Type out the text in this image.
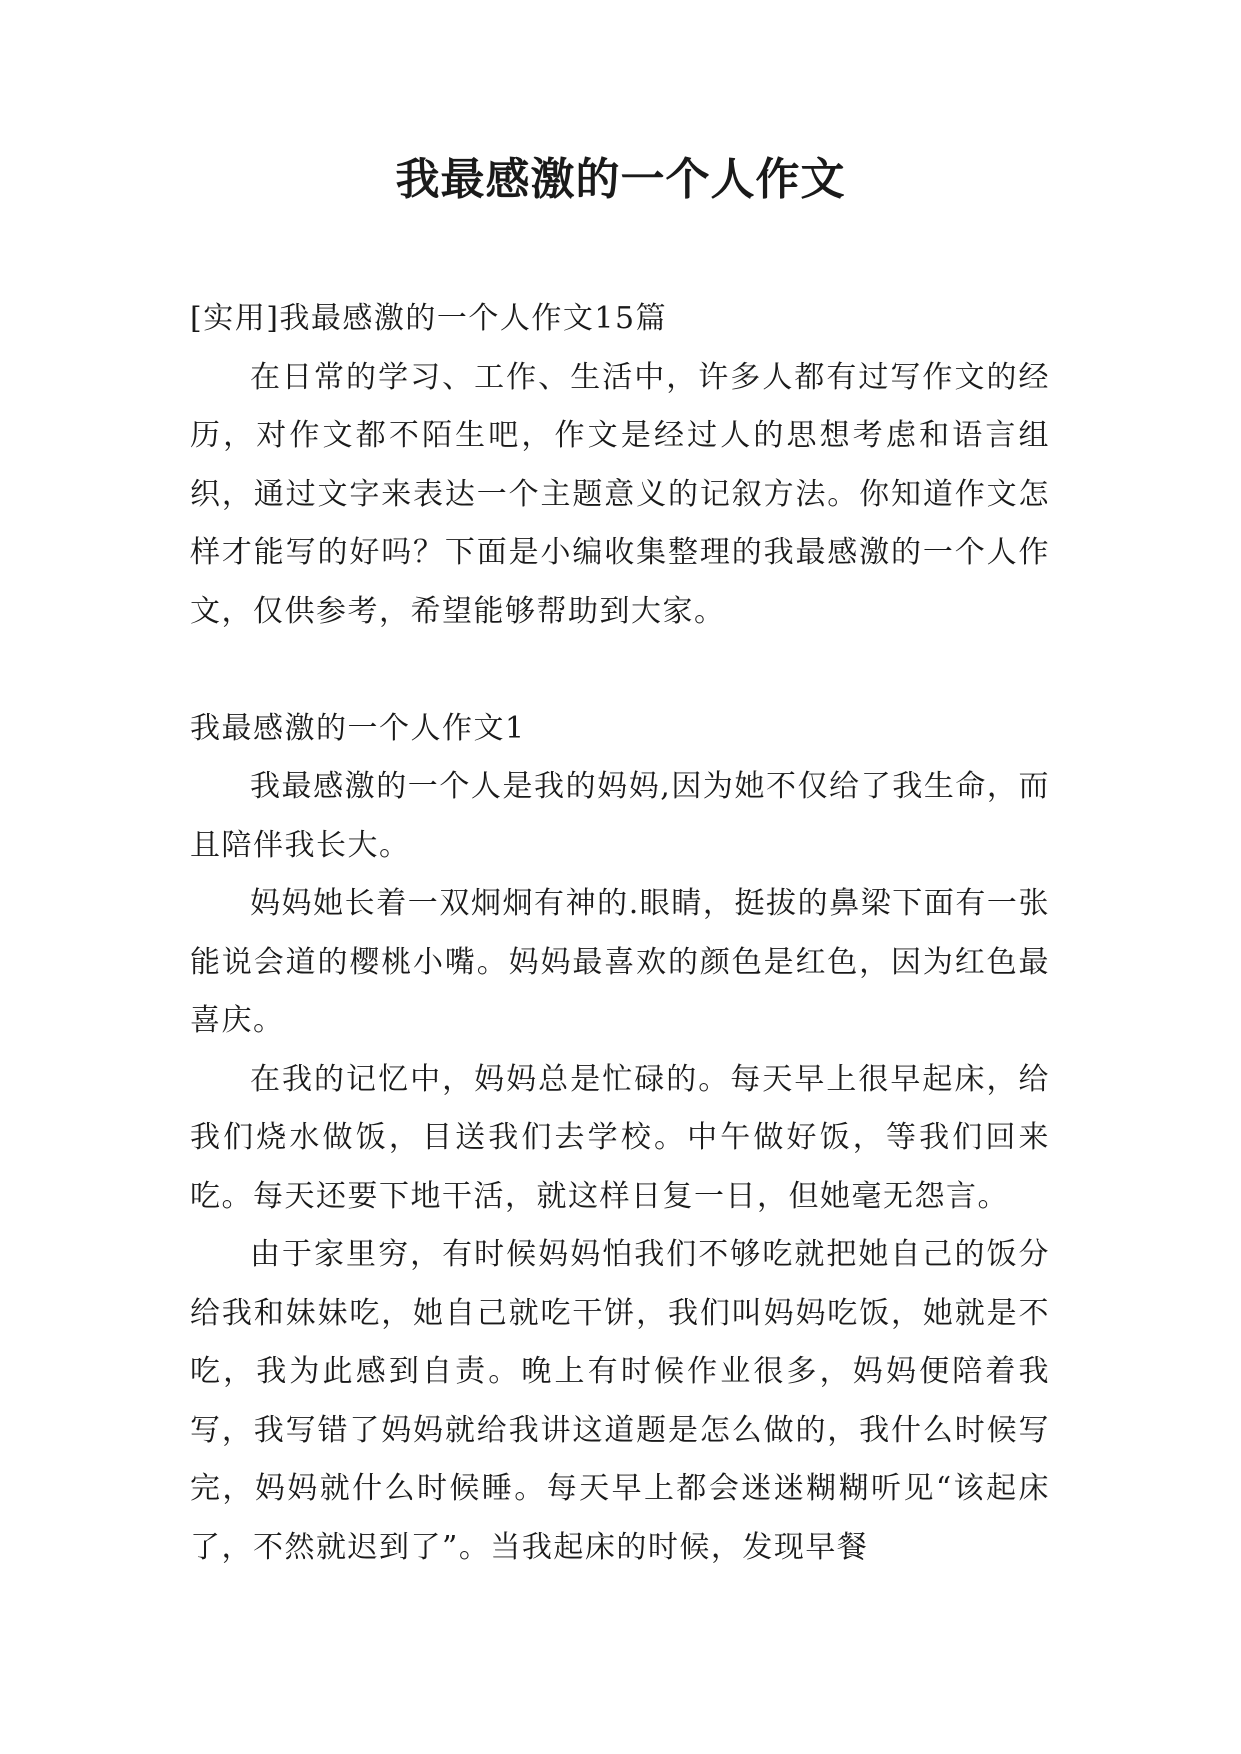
我最感激的一个人作文

[实用]我最感激的一个人作文15篇

在日常的学习、工作、生活中，许多人都有过写作文的经历，对作文都不陌生吧，作文是经过人的思想考虑和语言组织，通过文字来表达一个主题意义的记叙方法。你知道作文怎样才能写的好吗？下面是小编收集整理的我最感激的一个人作文，仅供参考，希望能够帮助到大家。

我最感激的一个人作文1

我最感激的一个人是我的妈妈,因为她不仅给了我生命，而且陪伴我长大。

妈妈她长着一双炯炯有神的.眼睛，挺拔的鼻梁下面有一张能说会道的樱桃小嘴。妈妈最喜欢的颜色是红色，因为红色最喜庆。

在我的记忆中，妈妈总是忙碌的。每天早上很早起床，给我们烧水做饭，目送我们去学校。中午做好饭，等我们回来吃。每天还要下地干活，就这样日复一日，但她毫无怨言。

由于家里穷，有时候妈妈怕我们不够吃就把她自己的饭分给我和妹妹吃，她自己就吃干饼，我们叫妈妈吃饭，她就是不吃，我为此感到自责。晚上有时候作业很多，妈妈便陪着我写，我写错了妈妈就给我讲这道题是怎么做的，我什么时候写完，妈妈就什么时候睡。每天早上都会迷迷糊糊听见“该起床了，不然就迟到了”。当我起床的时候，发现早餐
